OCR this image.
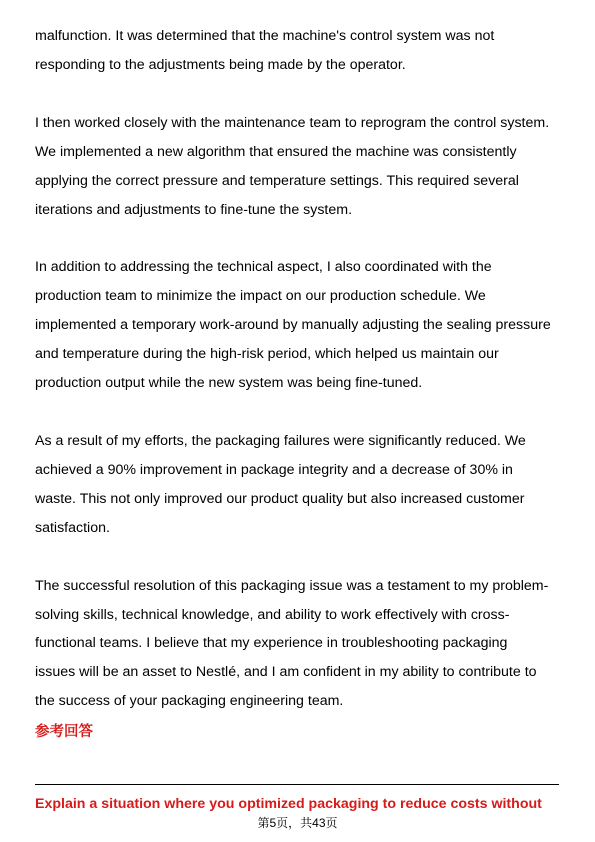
malfunction. It was determined that the machine's control system was not
responding to the adjustments being made by the operator.

I then worked closely with the maintenance team to reprogram the control system.
We implemented a new algorithm that ensured the machine was consistently
applying the correct pressure and temperature settings. This required several
iterations and adjustments to fine-tune the system.

In addition to addressing the technical aspect, I also coordinated with the
production team to minimize the impact on our production schedule. We
implemented a temporary work-around by manually adjusting the sealing pressure
and temperature during the high-risk period, which helped us maintain our
production output while the new system was being fine-tuned.

As a result of my efforts, the packaging failures were significantly reduced. We
achieved a 90% improvement in package integrity and a decrease of 30% in
waste. This not only improved our product quality but also increased customer
satisfaction.

The successful resolution of this packaging issue was a testament to my problem-
solving skills, technical knowledge, and ability to work effectively with cross-
functional teams. I believe that my experience in troubleshooting packaging
issues will be an asset to Nestlé, and I am confident in my ability to contribute to
the success of your packaging engineering team.

参考回答
Explain a situation where you optimized packaging to reduce costs without
第5页，共43页
